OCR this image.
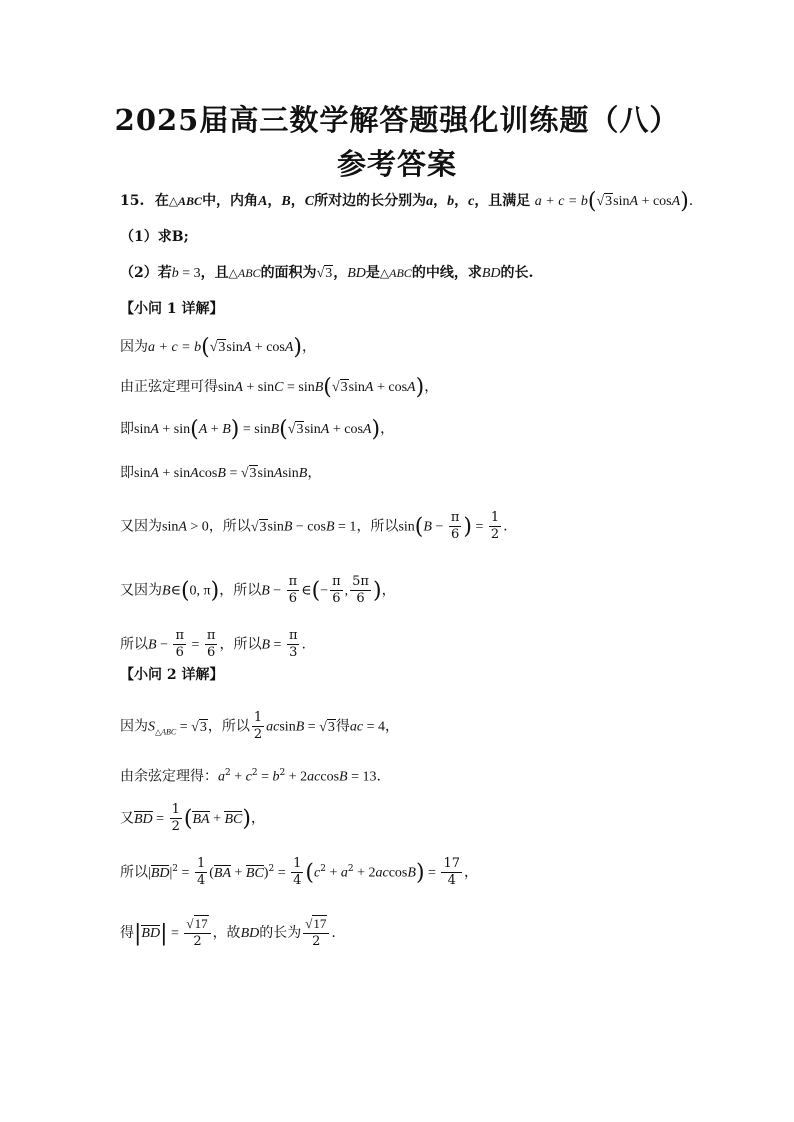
2025届高三数学解答题强化训练题（八）
参考答案
15. 在△ABC中，内角A，B，C所对边的长分别为a，b，c，且满足 a + c = b(√3sinA + cosA).
（1）求B;
（2）若b = 3，且△ABC的面积为√3，BD是△ABC的中线，求BD的长.
【小问 1 详解】
因为a + c = b(√3sinA + cosA)，
由正弦定理可得sinA + sinC = sinB(√3sinA + cosA)，
即sinA + sin(A + B) = sinB(√3sinA + cosA)，
即sinA + sinAcosB = √3sinAsinB，
又因为sinA > 0，所以√3sinB − cosB = 1，所以$\sin(B - \frac{\pi}{6}$ ) = $\frac{1}{2}$ .
又因为B∈(0, π)，所以$B - \frac{\pi}{6}$ ∈(− $\frac{\pi}{6}$ , $\frac{5\pi}{6}$ )，
所以$B - \frac{\pi}{6} = \frac{\pi}{6}$ ，所以$B = \frac{\pi}{3}$ .
【小问 2 详解】
因为$S_{\triangle ABC} = √3$，所以 $\frac{1}{2}$ acsinB = √3得ac = 4，
由余弦定理得：$a^2 + c^2 = b^2 + 2accosB = 13$.
又BD = $\frac{1}{2} (BA + BC)$，
所以$|BD|^2 = \frac{1}{4} (BA + BC)^2 = \frac{1}{4} (c^2 + a^2 + 2accosB) = \frac{17}{4}$ ，
得$|BD| = \frac{√17}{2}$ ，故BD的长为 $\frac{√17}{2}$ .
